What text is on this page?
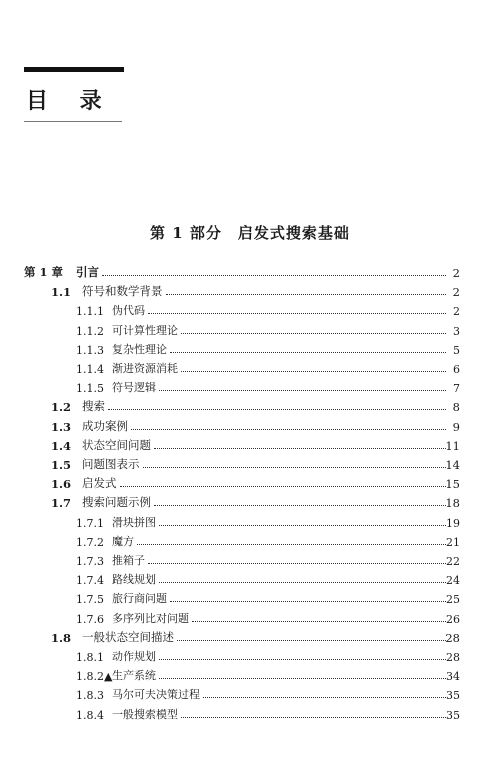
目 录
第 1 部分　启发式搜索基础
第 1 章 引言	2
1.1 符号和数学背景	2
1.1.1 伪代码	2
1.1.2 可计算性理论	3
1.1.3 复杂性理论	5
1.1.4 渐进资源消耗	6
1.1.5 符号逻辑	7
1.2 搜索	8
1.3 成功案例	9
1.4 状态空间问题	11
1.5 问题图表示	14
1.6 启发式	15
1.7 搜索问题示例	18
1.7.1 滑块拼图	19
1.7.2 魔方	21
1.7.3 推箱子	22
1.7.4 路线规划	24
1.7.5 旅行商问题	25
1.7.6 多序列比对问题	26
1.8 一般状态空间描述	28
1.8.1 动作规划	28
1.8.2▲ 生产系统	34
1.8.3 马尔可夫决策过程	35
1.8.4 一般搜索模型	35
